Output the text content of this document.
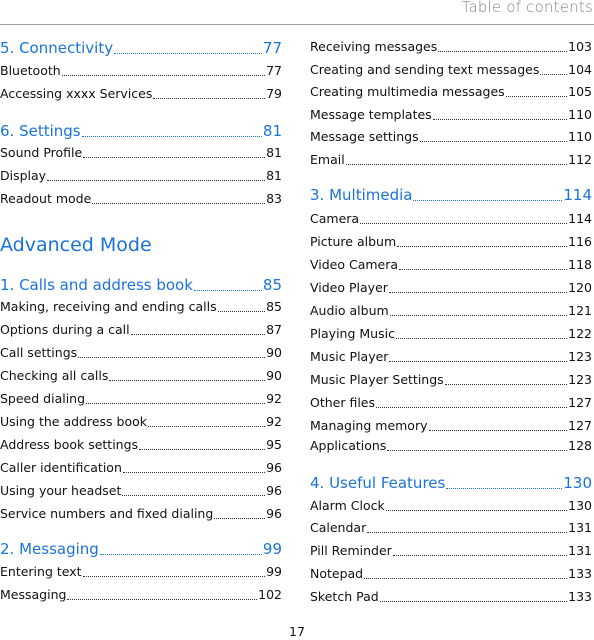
Table of contents
5. Connectivity	77
Bluetooth	77
Accessing xxxx Services	79
6. Settings	81
Sound Profile	81
Display	81
Readout mode	83
Advanced Mode
1. Calls and address book	85
Making, receiving and ending calls	85
Options during a call	87
Call settings	90
Checking all calls	90
Speed dialing	92
Using the address book	92
Address book settings	95
Caller identification	96
Using your headset	96
Service numbers and fixed dialing	96
2. Messaging	99
Entering text	99
Messaging	102
Receiving messages	103
Creating and sending text messages 104
Creating multimedia messages	105
Message templates	110
Message settings	110
Email	112
3. Multimedia	114
Camera	114
Picture album	116
Video Camera	118
Video Player	120
Audio album	121
Playing Music	122
Music Player	123
Music Player Settings	123
Other files	127
Managing memory	127
Applications	128
4. Useful Features	130
Alarm Clock	130
Calendar	131
Pill Reminder	131
Notepad	133
Sketch Pad	133
17
